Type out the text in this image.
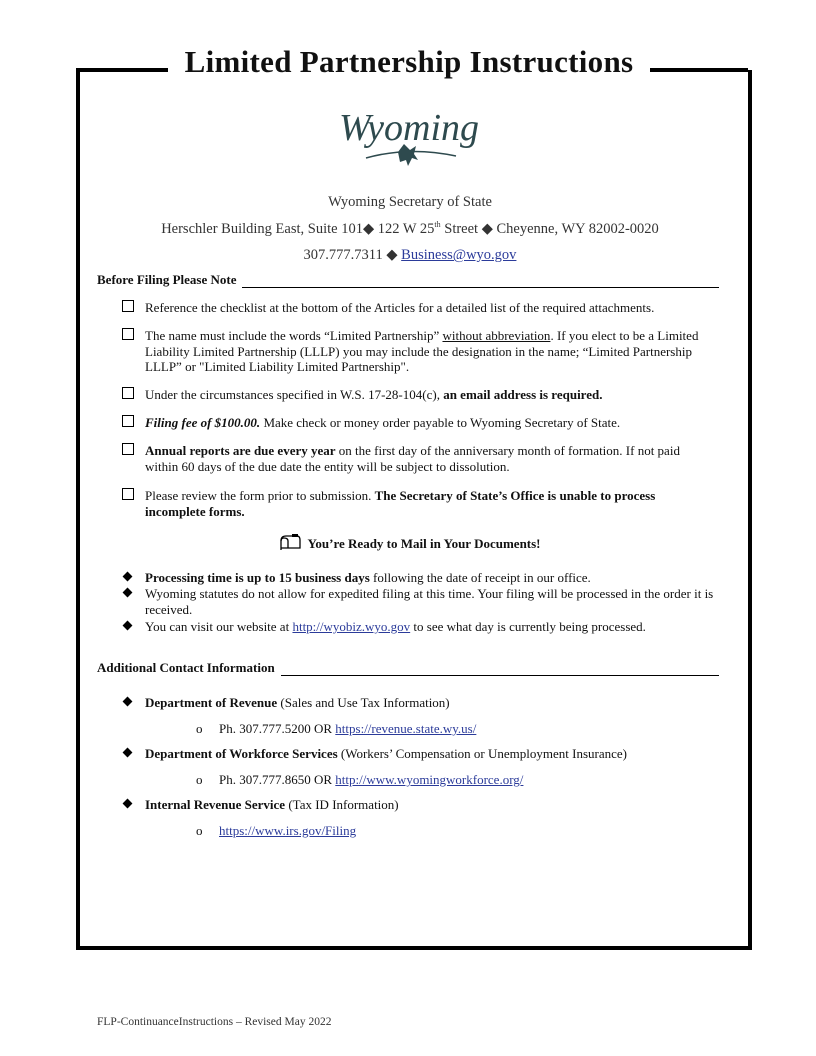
Limited Partnership Instructions
Wyoming
Wyoming Secretary of State
Herschler Building East, Suite 101◆ 122 W 25th Street ◆ Cheyenne, WY 82002-0020
307.777.7311 ◆ Business@wyo.gov
Before Filing Please Note
Reference the checklist at the bottom of the Articles for a detailed list of the required attachments.
The name must include the words “Limited Partnership” without abbreviation. If you elect to be a Limited Liability Limited Partnership (LLLP) you may include the designation in the name; “Limited Partnership LLLP” or "Limited Liability Limited Partnership".
Under the circumstances specified in W.S. 17-28-104(c), an email address is required.
Filing fee of $100.00. Make check or money order payable to Wyoming Secretary of State.
Annual reports are due every year on the first day of the anniversary month of formation. If not paid within 60 days of the due date the entity will be subject to dissolution.
Please review the form prior to submission. The Secretary of State’s Office is unable to process incomplete forms.
You’re Ready to Mail in Your Documents!
Processing time is up to 15 business days following the date of receipt in our office.
Wyoming statutes do not allow for expedited filing at this time. Your filing will be processed in the order it is received.
You can visit our website at http://wyobiz.wyo.gov to see what day is currently being processed.
Additional Contact Information
Department of Revenue (Sales and Use Tax Information)
o Ph. 307.777.5200 OR https://revenue.state.wy.us/
Department of Workforce Services (Workers’ Compensation or Unemployment Insurance)
o Ph. 307.777.8650 OR http://www.wyomingworkforce.org/
Internal Revenue Service (Tax ID Information)
o https://www.irs.gov/Filing
FLP-ContinuanceInstructions – Revised May 2022
